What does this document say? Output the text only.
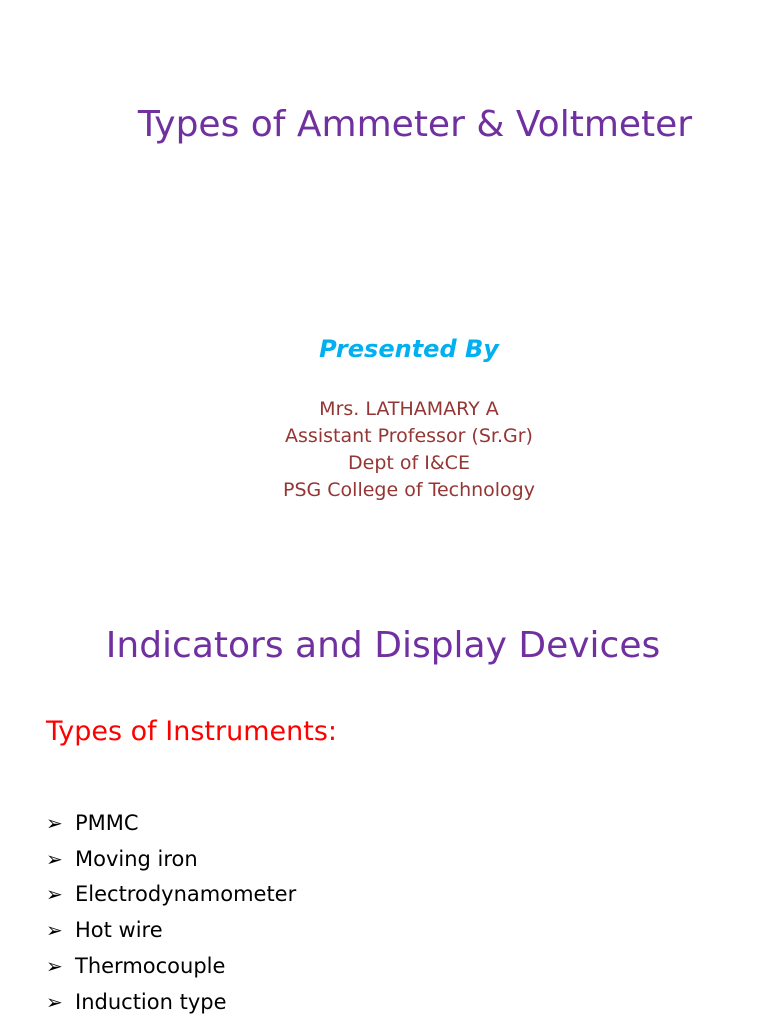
Types of Ammeter & Voltmeter
Presented By
Mrs. LATHAMARY A
Assistant Professor (Sr.Gr)
Dept of I&CE
PSG College of Technology
Indicators and Display Devices
Types of Instruments:
➢ PMMC
➢ Moving iron
➢ Electrodynamometer
➢ Hot wire
➢ Thermocouple
➢ Induction type
